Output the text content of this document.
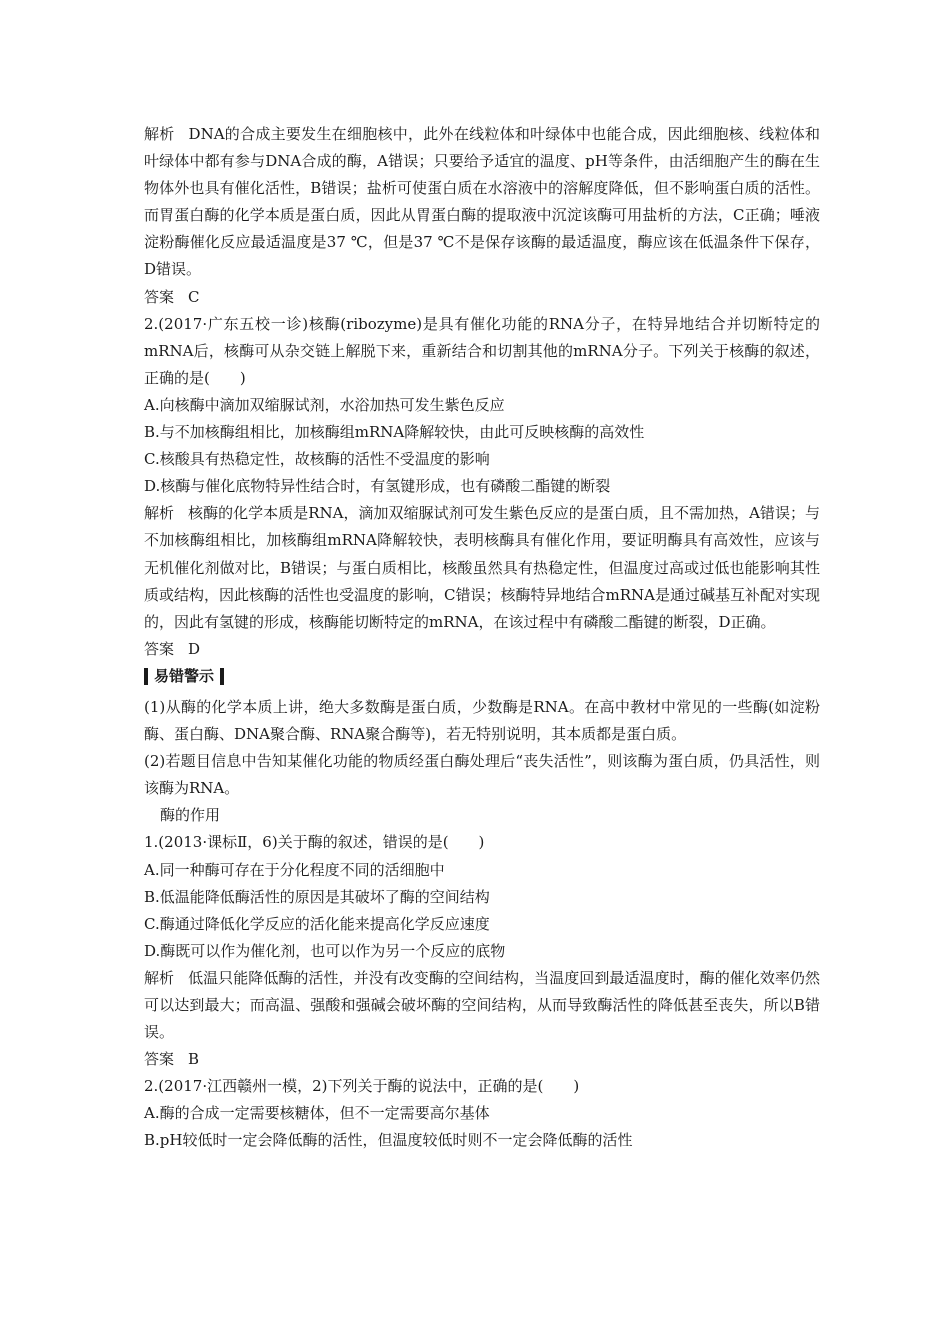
解析 DNA的合成主要发生在细胞核中，此外在线粒体和叶绿体中也能合成，因此细胞核、线粒体和叶绿体中都有参与DNA合成的酶，A错误；只要给予适宜的温度、pH等条件，由活细胞产生的酶在生物体外也具有催化活性，B错误；盐析可使蛋白质在水溶液中的溶解度降低，但不影响蛋白质的活性。而胃蛋白酶的化学本质是蛋白质，因此从胃蛋白酶的提取液中沉淀该酶可用盐析的方法，C正确；唾液淀粉酶催化反应最适温度是37 ℃，但是37 ℃不是保存该酶的最适温度，酶应该在低温条件下保存，D错误。

答案 C

2.(2017·广东五校一诊)核酶(ribozyme)是具有催化功能的RNA分子，在特异地结合并切断特定的mRNA后，核酶可从杂交链上解脱下来，重新结合和切割其他的mRNA分子。下列关于核酶的叙述，正确的是(　　)

A.向核酶中滴加双缩脲试剂，水浴加热可发生紫色反应

B.与不加核酶组相比，加核酶组mRNA降解较快，由此可反映核酶的高效性

C.核酸具有热稳定性，故核酶的活性不受温度的影响

D.核酶与催化底物特异性结合时，有氢键形成，也有磷酸二酯键的断裂

解析 核酶的化学本质是RNA，滴加双缩脲试剂可发生紫色反应的是蛋白质，且不需加热，A错误；与不加核酶组相比，加核酶组mRNA降解较快，表明核酶具有催化作用，要证明酶具有高效性，应该与无机催化剂做对比，B错误；与蛋白质相比，核酸虽然具有热稳定性，但温度过高或过低也能影响其性质或结构，因此核酶的活性也受温度的影响，C错误；核酶特异地结合mRNA是通过碱基互补配对实现的，因此有氢键的形成，核酶能切断特定的mRNA，在该过程中有磷酸二酯键的断裂，D正确。

答案 D

易错警示

(1)从酶的化学本质上讲，绝大多数酶是蛋白质，少数酶是RNA。在高中教材中常见的一些酶(如淀粉酶、蛋白酶、DNA聚合酶、RNA聚合酶等)，若无特别说明，其本质都是蛋白质。

(2)若题目信息中告知某催化功能的物质经蛋白酶处理后“丧失活性”，则该酶为蛋白质，仍具活性，则该酶为RNA。

酶的作用

1.(2013·课标Ⅱ，6)关于酶的叙述，错误的是(　　)

A.同一种酶可存在于分化程度不同的活细胞中

B.低温能降低酶活性的原因是其破坏了酶的空间结构

C.酶通过降低化学反应的活化能来提高化学反应速度

D.酶既可以作为催化剂，也可以作为另一个反应的底物

解析 低温只能降低酶的活性，并没有改变酶的空间结构，当温度回到最适温度时，酶的催化效率仍然可以达到最大；而高温、强酸和强碱会破坏酶的空间结构，从而导致酶活性的降低甚至丧失，所以B错误。

答案 B

2.(2017·江西赣州一模，2)下列关于酶的说法中，正确的是(　　)

A.酶的合成一定需要核糖体，但不一定需要高尔基体

B.pH较低时一定会降低酶的活性，但温度较低时则不一定会降低酶的活性
